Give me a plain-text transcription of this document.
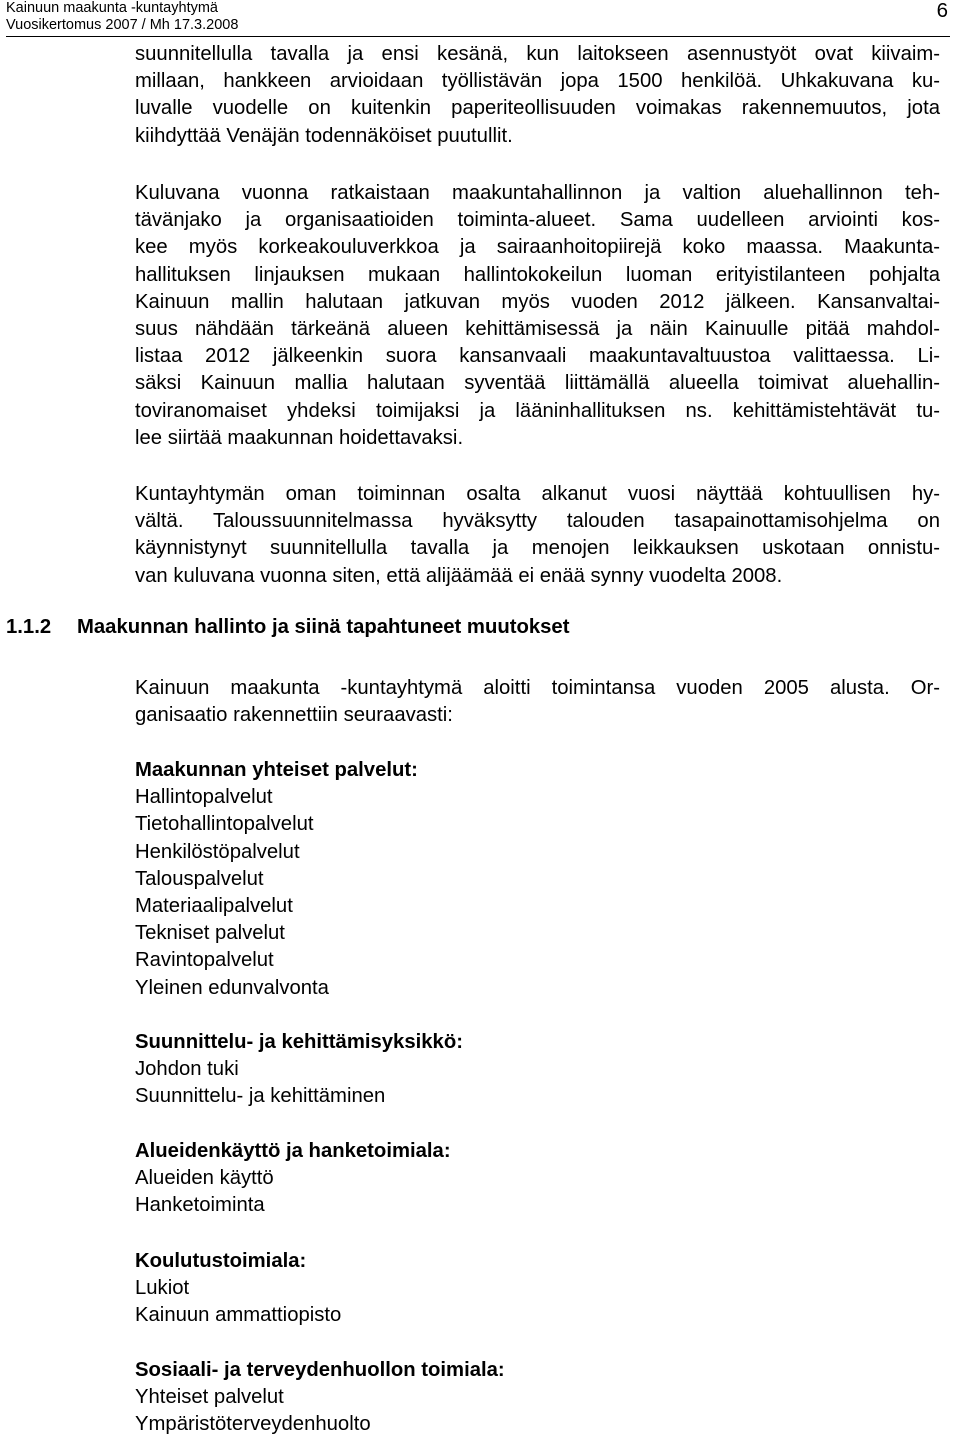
Kainuun maakunta -kuntayhtymä
Vuosikertomus 2007 / Mh 17.3.2008
6
suunnitellulla tavalla ja ensi kesänä, kun laitokseen asennustyöt ovat kiivaim-
millaan, hankkeen arvioidaan työllistävän jopa 1500 henkilöä. Uhkakuvana ku-
luvalle vuodelle on kuitenkin paperiteollisuuden voimakas rakennemuutos, jota
kiihdyttää Venäjän todennäköiset puutullit.
Kuluvana vuonna ratkaistaan maakuntahallinnon ja valtion aluehallinnon teh-
tävänjako ja organisaatioiden toiminta-alueet. Sama uudelleen arviointi kos-
kee myös korkeakouluverkkoa ja sairaanhoitopiirejä koko maassa. Maakunta-
hallituksen linjauksen mukaan hallintokokeilun luoman erityistilanteen pohjalta
Kainuun mallin halutaan jatkuvan myös vuoden 2012 jälkeen. Kansanvaltai-
suus nähdään tärkeänä alueen kehittämisessä ja näin Kainuulle pitää mahdol-
listaa 2012 jälkeenkin suora kansanvaali maakuntavaltuustoa valittaessa. Li-
säksi Kainuun mallia halutaan syventää liittämällä alueella toimivat aluehallin-
toviranomaiset yhdeksi toimijaksi ja lääninhallituksen ns. kehittämistehtävät tu-
lee siirtää maakunnan hoidettavaksi.
Kuntayhtymän oman toiminnan osalta alkanut vuosi näyttää kohtuullisen hy-
vältä. Taloussuunnitelmassa hyväksytty talouden tasapainottamisohjelma on
käynnistynyt suunnitellulla tavalla ja menojen leikkauksen uskotaan onnistu-
van kuluvana vuonna siten, että alijäämää ei enää synny vuodelta 2008.
1.1.2 Maakunnan hallinto ja siinä tapahtuneet muutokset
Kainuun maakunta -kuntayhtymä aloitti toimintansa vuoden 2005 alusta. Or-
ganisaatio rakennettiin seuraavasti:
Maakunnan yhteiset palvelut:
Hallintopalvelut
Tietohallintopalvelut
Henkilöstöpalvelut
Talouspalvelut
Materiaalipalvelut
Tekniset palvelut
Ravintopalvelut
Yleinen edunvalvonta
Suunnittelu- ja kehittämisyksikkö:
Johdon tuki
Suunnittelu- ja kehittäminen
Alueidenkäyttö ja hanketoimiala:
Alueiden käyttö
Hanketoiminta
Koulutustoimiala:
Lukiot
Kainuun ammattiopisto
Sosiaali- ja terveydenhuollon toimiala:
Yhteiset palvelut
Ympäristöterveydenhuolto
